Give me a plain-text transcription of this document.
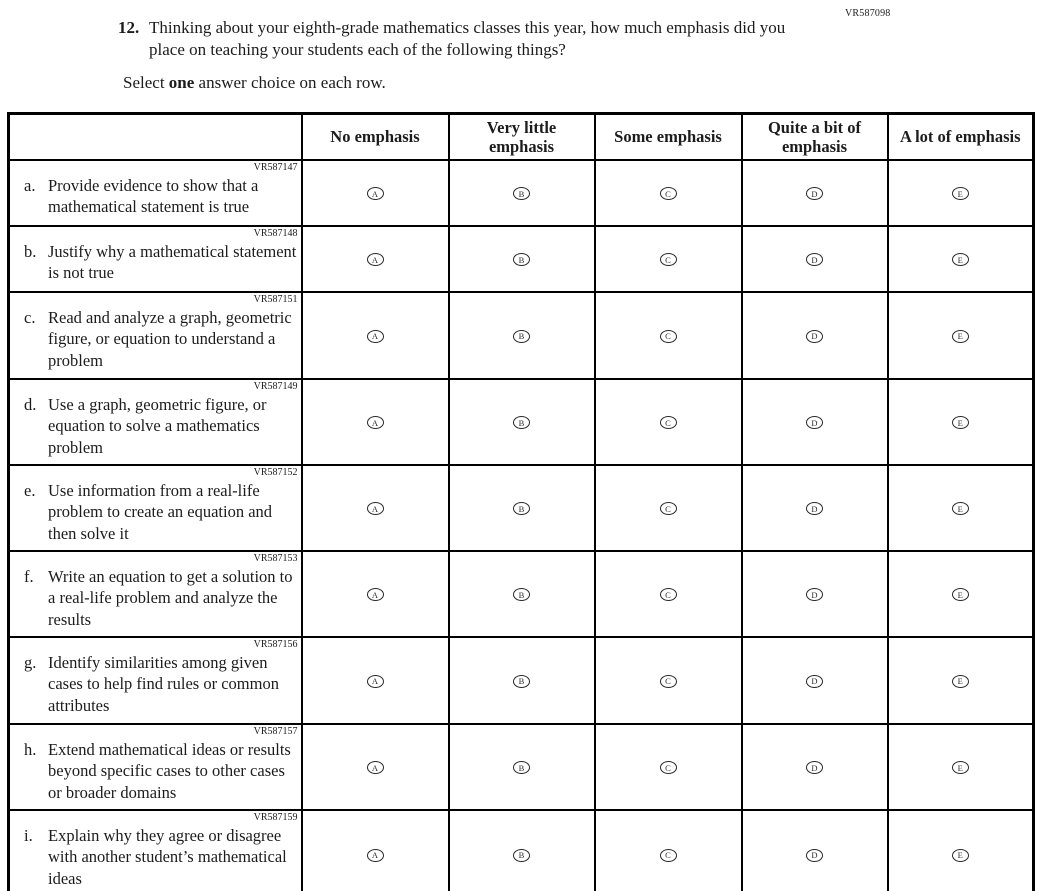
VR587098
12. Thinking about your eighth-grade mathematics classes this year, how much emphasis did you place on teaching your students each of the following things?
Select one answer choice on each row.
	No emphasis	Very little emphasis	Some emphasis	Quite a bit of emphasis	A lot of emphasis

VR587147
a. Provide evidence to show that a mathematical statement is true	A	B	C	D	E

VR587148
b. Justify why a mathematical statement is not true	A	B	C	D	E

VR587151
c. Read and analyze a graph, geometric figure, or equation to understand a problem	A	B	C	D	E

VR587149
d. Use a graph, geometric figure, or equation to solve a mathematics problem	A	B	C	D	E

VR587152
e. Use information from a real-life problem to create an equation and then solve it	A	B	C	D	E

VR587153
f. Write an equation to get a solution to a real-life problem and analyze the results	A	B	C	D	E

VR587156
g. Identify similarities among given cases to help find rules or common attributes	A	B	C	D	E

VR587157
h. Extend mathematical ideas or results beyond specific cases to other cases or broader domains	A	B	C	D	E

VR587159
i. Explain why they agree or disagree with another student’s mathematical ideas	A	B	C	D	E
